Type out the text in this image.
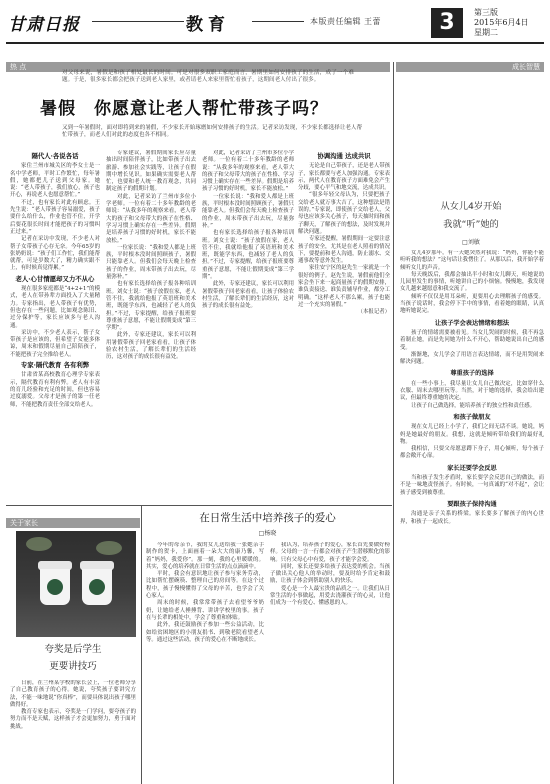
甘肃日报	教育	本版责任编辑 王蕾	3	第三版
2015年6月4日
星期二
热 点	成长智慧
关于家长
对父母来说，暑假是和孩子相处最长的时间。可是对很多双职工家庭而言，暑期里如何安排孩子的生活，成了一个难题。于是，很多家长都会把孩子送到老人家里，或者请老人来家里帮忙看孩子，这期间老人付出了很多。
暑假　你愿意让老人帮忙带孩子吗？
又到一年暑假时，面对即将到来的暑假，不少家长开始琢磨如何安排孩子的生活。记者采访发现，不少家长都选择让老人帮忙带孩子，而老人们对此的态度也各不相同。
隔代人·各说各话

家住兰州市城关区的李女士是一名中学老师，平时工作繁忙，每年暑假，她都把儿子送到父母家。她说：“老人带孩子，我们放心，孩子也开心，再说老人也愿意帮忙。”

不过，也有家长对此有顾虑。王先生说：“老人带孩子容易溺爱，孩子要什么给什么，作业也管不住，开学后要花很长时间才能把孩子的习惯纠正过来。”

记者在采访中发现，不少老人对帮子女带孩子心存无奈。今年65岁的张奶奶说：“孩子们工作忙，我们能帮就帮，可是岁数大了，精力确实跟不上，有时候真觉得累。”

老人·心甘情愿却又力不从心

现在很多家庭都是“4+2+1”的模式，老人在带孙辈方面投入了大量精力。专家指出，老人带孩子有优势，但也存在一些问题，比如观念陈旧、过分保护等，家长应该多与老人沟通。

采访中，不少老人表示，帮子女带孩子是应该的，但希望子女能多体谅，周末和假期尽量自己陪陪孩子，不能把孩子完全推给老人。

专家·隔代教育 各有利弊

甘肃省某高校教育心理学专家表示，隔代教育有利有弊。老人有丰富的育儿经验和充足的时间，但也容易过度溺爱。父母才是孩子的第一任老师，不能把教育责任全部交给老人。

专家建议，暑假期间家长应尽量抽出时间陪伴孩子，比如带孩子出去旅游、参加社会实践等，让孩子在假期中增长见识。如果确实需要老人帮忙，也要和老人统一教育观念，共同制定孩子的假期计划。

对此，记者采访了兰州市多位小学老师。一位有着二十多年教龄的老师说：“从我多年的观察来看，老人带大的孩子和父母带大的孩子在性格、学习习惯上确实存在一些差异。假期是培养孩子习惯的好时机，家长不能放松。”

一位家长说：“我和爱人都是上班族，平时根本没时间照顾孩子，暑假只能靠老人。但我们会每天晚上检查孩子的作业，周末带孩子出去玩，尽量弥补。”

也有家长选择给孩子报各种培训班。刘女士说：“孩子放假在家，老人管不住，我就给他报了英语班和美术班，既能学东西，也减轻了老人的负担。”不过，专家提醒，给孩子报班要尊重孩子意愿，不能让假期变成“第三学期”。

此外，专家还建议，家长可以利用暑假带孩子回老家看看，让孩子体验农村生活，了解长辈们的生活经历，这对孩子的成长很有益处。

对此，记者采访了兰州市多位小学老师。一位有着二十多年教龄的老师说：“从我多年的观察来看，老人带大的孩子和父母带大的孩子在性格、学习习惯上确实存在一些差异。假期是培养孩子习惯的好时机，家长不能放松。”

一位家长说：“我和爱人都是上班族，平时根本没时间照顾孩子，暑假只能靠老人。但我们会每天晚上检查孩子的作业，周末带孩子出去玩，尽量弥补。”

也有家长选择给孩子报各种培训班。刘女士说：“孩子放假在家，老人管不住，我就给他报了英语班和美术班，既能学东西，也减轻了老人的负担。”不过，专家提醒，给孩子报班要尊重孩子意愿，不能让假期变成“第三学期”。

此外，专家还建议，家长可以利用暑假带孩子回老家看看，让孩子体验农村生活，了解长辈们的生活经历，这对孩子的成长很有益处。

协调沟通 达成共识

无论是自己带孩子，还是老人带孩子，家长都要与老人加强沟通。专家表示，两代人在教育孩子方面难免会产生分歧，要心平气和地交流，达成共识。

“很多年轻父母认为，只要把孩子交给老人就万事大吉了，这种想法是错误的。”专家说，即使孩子交给老人，父母也应该多关心孩子，每天抽时间和孩子聊天，了解孩子的想法，及时发现并解决问题。

专家还提醒，暑假期间一定要注意孩子的安全，尤其是在老人照看的情况下，要提前和老人沟通，防止溺水、交通事故等意外发生。

家住安宁区的赵先生一家就是一个很好的例子。赵先生说，暑假前他们全家会坐下来一起商量孩子的假期安排，谁负责接送、谁负责辅导作业，都分工明确。“这样老人不那么累，孩子也能过一个充实的暑假。”

（本报记者）

夸奖是后学生
更要讲技巧

日前，在兰州某学校的家长会上，一位老师分享了自己教育孩子的心得。她说，夸奖孩子要讲究方法，不能一味地说“你真棒”，而要具体说出孩子哪里做得好。

教育专家也表示，夸奖是一门学问，要夸孩子的努力而不是天赋，这样孩子才会更加努力，勇于面对挑战。

在日常生活中培养孩子的爱心
□杨晓

今年的母亲节，我的女儿送给我一张她亲手制作的贺卡，上面画着一朵大大的康乃馨，写着“妈妈，我爱你”。那一刻，我的心里暖暖的。其实，爱心的培养就在日常生活的点点滴滴中。

平时，我会有意识地让孩子参与家务劳动，比如帮忙摆碗筷、整理自己的房间等。在这个过程中，孩子慢慢懂得了父母的辛苦，也学会了关心家人。

周末的时候，我常常带孩子去看望爷爷奶奶，让她给老人捶捶背、讲讲学校里的事。孩子在与长辈的相处中，学会了尊重和体贴。

此外，我还鼓励孩子参加一些公益活动，比如给贫困地区的小朋友捐书、到敬老院看望老人等。通过这些活动，孩子的爱心在不断地成长。

我认为，培养孩子的爱心，家长首先要做好榜样。父母的一言一行都会对孩子产生潜移默化的影响。只有父母心中有爱，孩子才能学会爱。

同时，家长还要多给孩子表达爱的机会。当孩子做出关心他人的举动时，要及时给予肯定和鼓励，让孩子体会到帮助别人的快乐。

爱心是一个人最宝贵的品质之一。让我们从日常生活的小事做起，用爱去浇灌孩子的心灵，让他们成为一个有爱心、懂感恩的人。

从女儿4岁开始
我就“听”她的
□刘敏

女儿4岁那年，有一天她突然对我说：“妈妈，你能不能听听我的想法？”这句话让我愣住了。从那以后，我开始学着倾听女儿的声音。

每天晚饭后，我都会抽出半小时和女儿聊天，听她说幼儿园里发生的事情，听她讲自己的小烦恼。慢慢地，我发现女儿越来越愿意和我交流了。

倾听不仅仅是用耳朵听，更要用心去理解孩子的感受。当孩子说话时，我会停下手中的事情，看着她的眼睛，认真地听她说完。

让孩子学会表达情绪和想法

孩子的情绪需要被看见。当女儿哭闹的时候，我不再急着制止她，而是先问她为什么不开心，帮助她说出自己的感受。

渐渐地，女儿学会了用语言表达情绪，而不是用哭闹来解决问题。

尊重孩子的选择

在一些小事上，我尽量让女儿自己做决定，比如穿什么衣服、周末去哪里玩等。当然，对于她的选择，我会给出建议，但最终尊重她的决定。

让孩子自己做选择，能培养孩子的独立性和责任感。

和孩子做朋友

现在女儿已经上小学了，我们之间无话不谈。她说，妈妈是她最好的朋友。我想，这就是倾听带给我们的最好礼物。

我相信，只要父母愿意蹲下身子，用心倾听，每个孩子都会敞开心扉。

家长还要学会反思

当和孩子发生矛盾时，家长要学会反思自己的做法，而不是一味地责怪孩子。有时候，一句真诚的“对不起”，会让孩子感受到被尊重。

要跟孩子保持沟通

沟通是亲子关系的桥梁。家长要多了解孩子的内心世界，和孩子一起成长。
